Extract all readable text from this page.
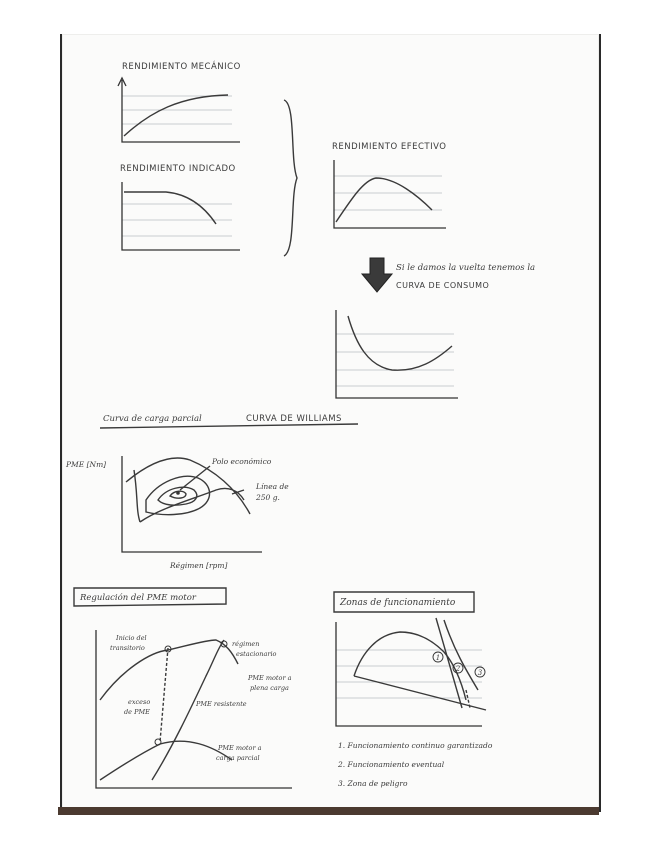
RENDIMIENTO MECÁNICO
RENDIMIENTO INDICADO
RENDIMIENTO EFECTIVO
Si le damos la vuelta tenemos la
CURVA DE CONSUMO
Curva de carga parcial	CURVA DE WILLIAMS
PME [Nm]	Polo económico
Línea de
250 g.
Régimen [rpm]
Regulación del PME motor
Inicio del
transitorio	régimen
estacionario
PME motor a
plena carga
PME resistente
exceso
de PME
PME motor a
carga parcial
Zonas de funcionamiento
1
2	3
1. Funcionamiento continuo garantizado
2. Funcionamiento eventual
3. Zona de peligro
